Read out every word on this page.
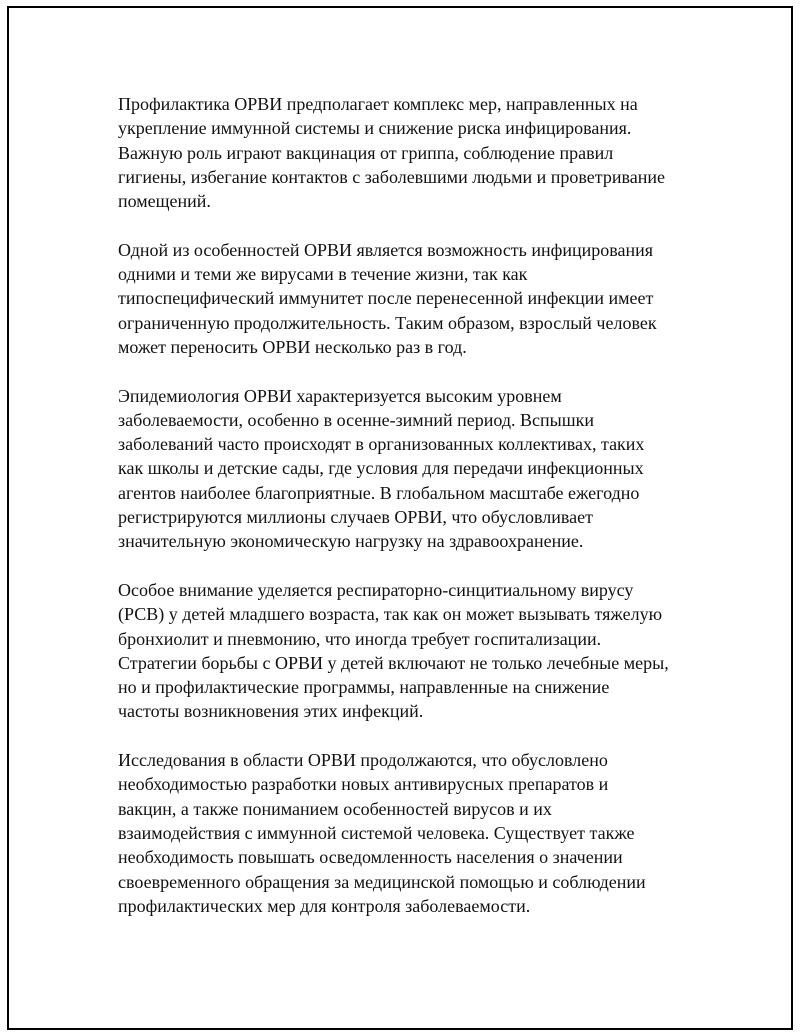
Профилактика ОРВИ предполагает комплекс мер, направленных на
укрепление иммунной системы и снижение риска инфицирования.
Важную роль играют вакцинация от гриппа, соблюдение правил
гигиены, избегание контактов с заболевшими людьми и проветривание
помещений.

Одной из особенностей ОРВИ является возможность инфицирования
одними и теми же вирусами в течение жизни, так как
типоспецифический иммунитет после перенесенной инфекции имеет
ограниченную продолжительность. Таким образом, взрослый человек
может переносить ОРВИ несколько раз в год.

Эпидемиология ОРВИ характеризуется высоким уровнем
заболеваемости, особенно в осенне-зимний период. Вспышки
заболеваний часто происходят в организованных коллективах, таких
как школы и детские сады, где условия для передачи инфекционных
агентов наиболее благоприятные. В глобальном масштабе ежегодно
регистрируются миллионы случаев ОРВИ, что обусловливает
значительную экономическую нагрузку на здравоохранение.

Особое внимание уделяется респираторно-синцитиальному вирусу
(РСВ) у детей младшего возраста, так как он может вызывать тяжелую
бронхиолит и пневмонию, что иногда требует госпитализации.
Стратегии борьбы с ОРВИ у детей включают не только лечебные меры,
но и профилактические программы, направленные на снижение
частоты возникновения этих инфекций.

Исследования в области ОРВИ продолжаются, что обусловлено
необходимостью разработки новых антивирусных препаратов и
вакцин, а также пониманием особенностей вирусов и их
взаимодействия с иммунной системой человека. Существует также
необходимость повышать осведомленность населения о значении
своевременного обращения за медицинской помощью и соблюдении
профилактических мер для контроля заболеваемости.
